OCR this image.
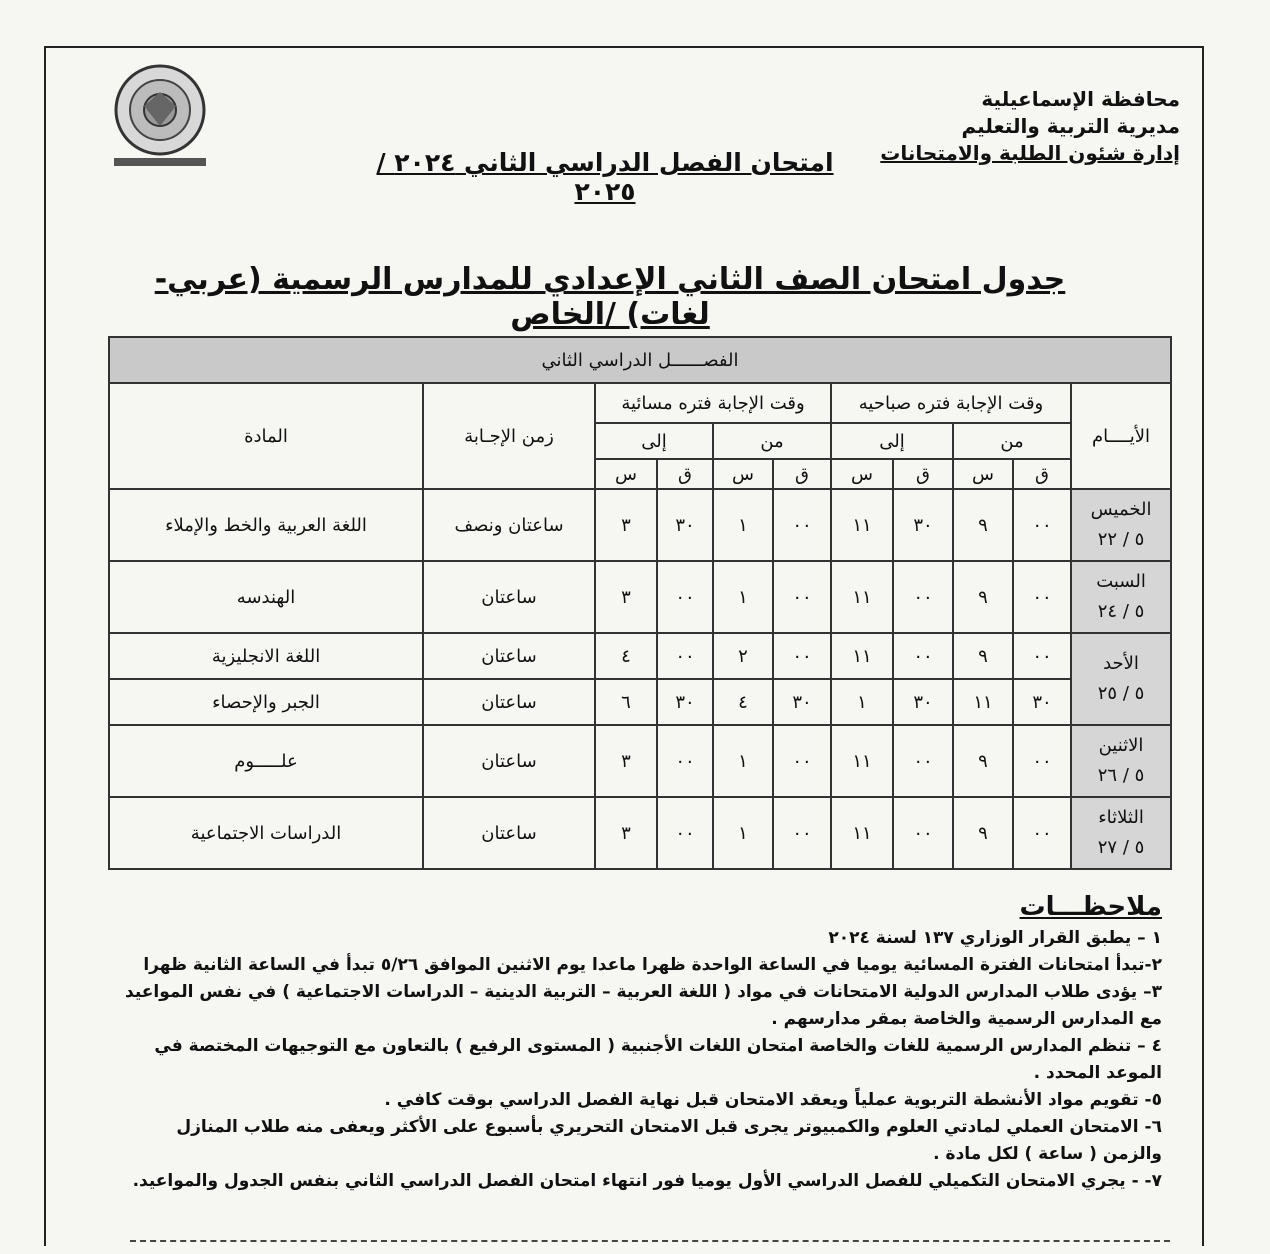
محافظة الإسماعيلية
مديرية التربية والتعليم
إدارة شئون الطلبة والامتحانات
امتحان الفصل الدراسي الثاني ٢٠٢٤ /٢٠٢٥
جدول امتحان الصف الثاني الإعدادي للمدارس الرسمية (عربي-لغات) /الخاص
الفصــــــل الدراسي الثاني										
الأيــــام	وقت الإجابة فتره صباحيه				وقت الإجابة فتره مسائية				زمن الإجـابة	المادة
	من		إلى		من		إلى			
	ق	س	ق	س	ق	س	ق	س		

الخميس
٥ / ٢٢	٠٠	٩	٣٠	١١	٠٠	١	٣٠	٣	ساعتان ونصف	اللغة العربية والخط والإملاء

السبت
٥ / ٢٤	٠٠	٩	٠٠	١١	٠٠	١	٠٠	٣	ساعتان	الهندسه

الأحد
٥ / ٢٥	٠٠	٩	٠٠	١١	٠٠	٢	٠٠	٤	ساعتان	اللغة الانجليزية
	٣٠	١١	٣٠	١	٣٠	٤	٣٠	٦	ساعتان	الجبر والإحصاء

الاثنين
٥ / ٢٦	٠٠	٩	٠٠	١١	٠٠	١	٠٠	٣	ساعتان	علـــــوم

الثلاثاء
٥ / ٢٧	٠٠	٩	٠٠	١١	٠٠	١	٠٠	٣	ساعتان	الدراسات الاجتماعية
ملاحظـــات

١ – يطبق القرار الوزاري ١٣٧ لسنة ٢٠٢٤

٢-تبدأ امتحانات الفترة المسائية يوميا في الساعة الواحدة ظهرا ماعدا يوم الاثنين الموافق ٥/٢٦ تبدأ في الساعة الثانية ظهرا

٣– يؤدى طلاب المدارس الدولية الامتحانات في مواد ( اللغة العربية – التربية الدينية – الدراسات الاجتماعية ) في نفس المواعيد مع المدارس الرسمية والخاصة بمقر مدارسهم .

٤ – تنظم المدارس الرسمية للغات والخاصة امتحان اللغات الأجنبية ( المستوى الرفيع ) بالتعاون مع التوجيهات المختصة في الموعد المحدد .

٥- تقويم مواد الأنشطة التربوية عملياً ويعقد الامتحان قبل نهاية الفصل الدراسي بوقت كافي .

٦- الامتحان العملي لمادتي العلوم والكمبيوتر يجرى قبل الامتحان التحريري بأسبوع على الأكثر ويعفى منه طلاب المنازل والزمن ( ساعة ) لكل مادة .

٧- - يجري الامتحان التكميلي للفصل الدراسي الأول يوميا فور انتهاء امتحان الفصل الدراسي الثاني بنفس الجدول والمواعيد.
